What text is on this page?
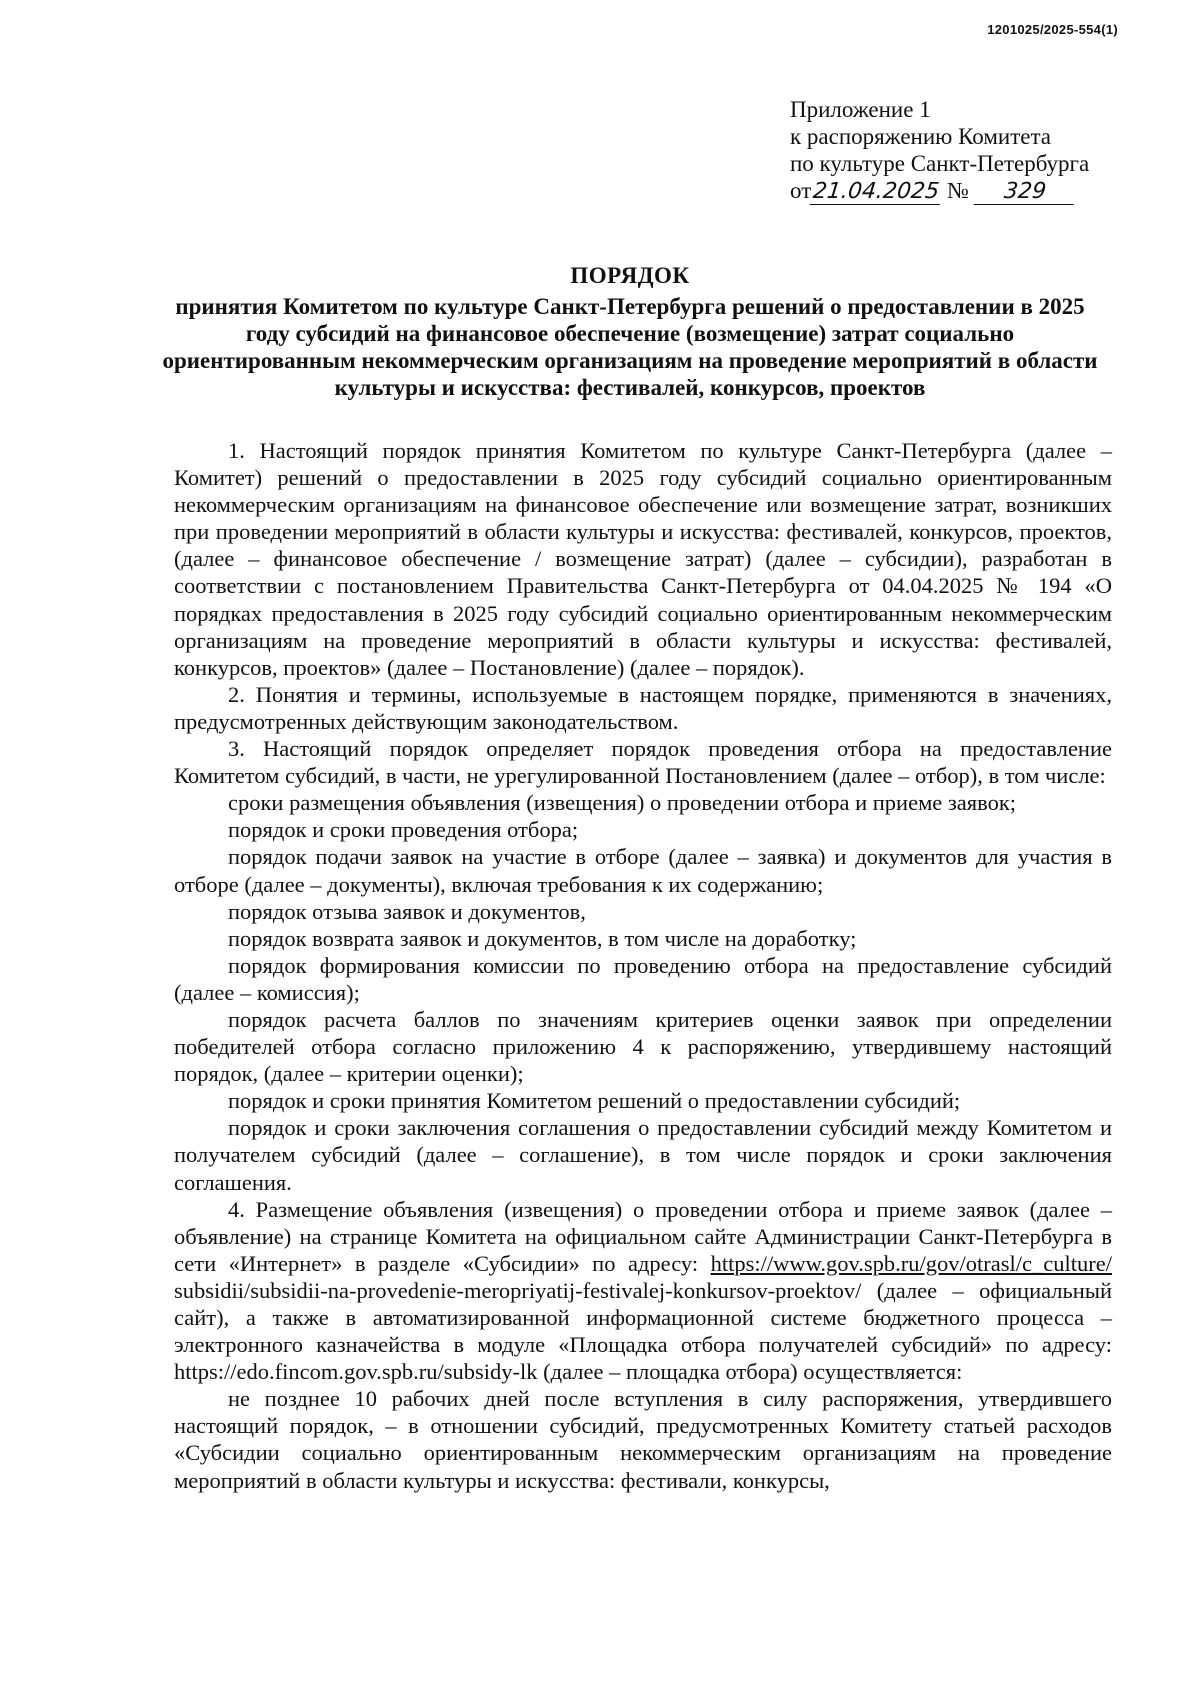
1201025/2025-554(1)
Приложение 1
к распоряжению Комитета
по культуре Санкт-Петербурга
от21.04.2025 № 329
ПОРЯДОК
принятия Комитетом по культуре Санкт-Петербурга решений о предоставлении в 2025 году субсидий на финансовое обеспечение (возмещение) затрат социально ориентированным некоммерческим организациям на проведение мероприятий в области культуры и искусства: фестивалей, конкурсов, проектов

1. Настоящий порядок принятия Комитетом по культуре Санкт-Петербурга (далее – Комитет) решений о предоставлении в 2025 году субсидий социально ориентированным некоммерческим организациям на финансовое обеспечение или возмещение затрат, возникших при проведении мероприятий в области культуры и искусства: фестивалей, конкурсов, проектов, (далее – финансовое обеспечение / возмещение затрат) (далее – субсидии), разработан в соответствии с постановлением Правительства Санкт-Петербурга от 04.04.2025 № 194 «О порядках предоставления в 2025 году субсидий социально ориентированным некоммерческим организациям на проведение мероприятий в области культуры и искусства: фестивалей, конкурсов, проектов» (далее – Постановление) (далее – порядок).

2. Понятия и термины, используемые в настоящем порядке, применяются в значениях, предусмотренных действующим законодательством.

3. Настоящий порядок определяет порядок проведения отбора на предоставление Комитетом субсидий, в части, не урегулированной Постановлением (далее – отбор), в том числе:

сроки размещения объявления (извещения) о проведении отбора и приеме заявок;

порядок и сроки проведения отбора;

порядок подачи заявок на участие в отборе (далее – заявка) и документов для участия в отборе (далее – документы), включая требования к их содержанию;

порядок отзыва заявок и документов,

порядок возврата заявок и документов, в том числе на доработку;

порядок формирования комиссии по проведению отбора на предоставление субсидий (далее – комиссия);

порядок расчета баллов по значениям критериев оценки заявок при определении победителей отбора согласно приложению 4 к распоряжению, утвердившему настоящий порядок, (далее – критерии оценки);

порядок и сроки принятия Комитетом решений о предоставлении субсидий;

порядок и сроки заключения соглашения о предоставлении субсидий между Комитетом и получателем субсидий (далее – соглашение), в том числе порядок и сроки заключения соглашения.

4. Размещение объявления (извещения) о проведении отбора и приеме заявок (далее – объявление) на странице Комитета на официальном сайте Администрации Санкт-Петербурга в сети «Интернет» в разделе «Субсидии» по адресу: https://www.gov.spb.ru/gov/otrasl/c_culture/ subsidii/subsidii-na-provedenie-meropriyatij-festivalej-konkursov-proektov/ (далее – официальный сайт), а также в автоматизированной информационной системе бюджетного процесса – электронного казначейства в модуле «Площадка отбора получателей субсидий» по адресу: https://edo.fincom.gov.spb.ru/subsidy-lk (далее – площадка отбора) осуществляется:

не позднее 10 рабочих дней после вступления в силу распоряжения, утвердившего настоящий порядок, – в отношении субсидий, предусмотренных Комитету статьей расходов «Субсидии социально ориентированным некоммерческим организациям на проведение мероприятий в области культуры и искусства: фестивали, конкурсы,
